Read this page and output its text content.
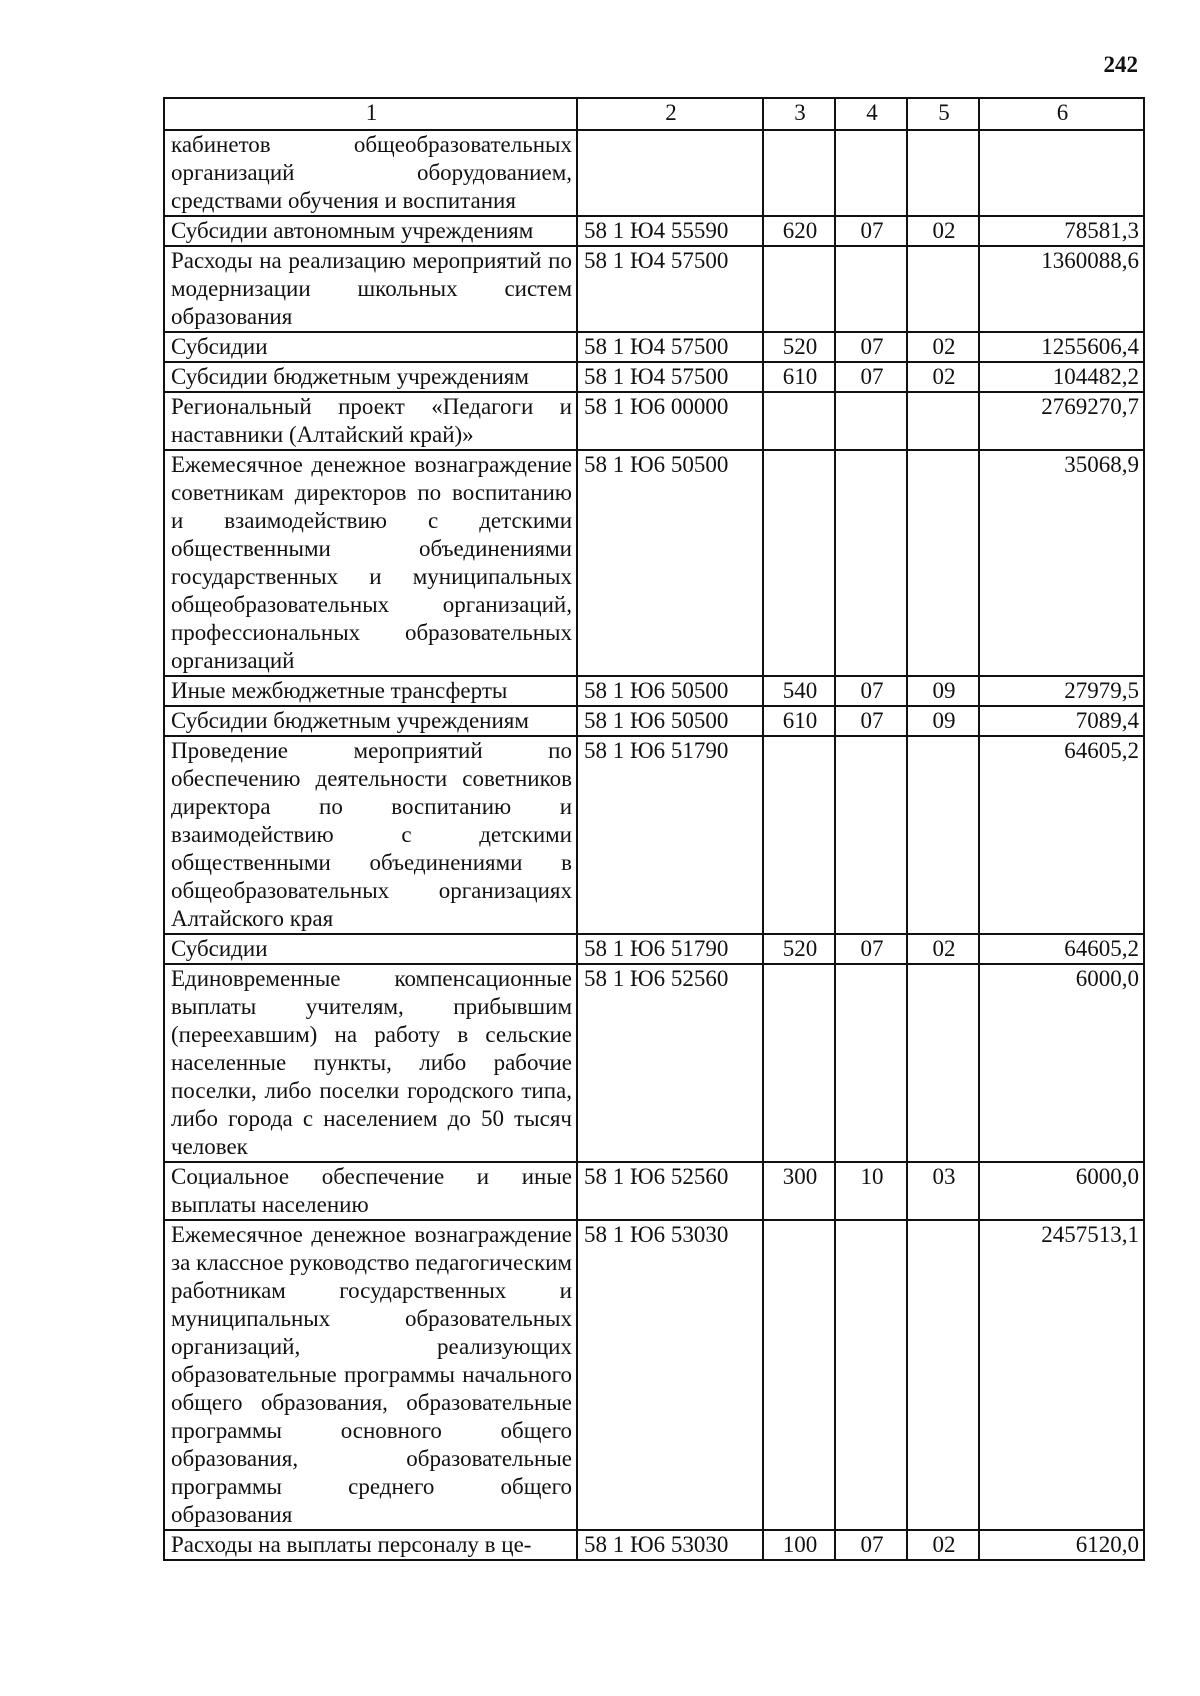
242
1	2	3	4	5	6
кабинетов общеобразовательных организаций оборудованием, средствами обучения и воспитания					
Субсидии автономным учреждениям	58 1 Ю4 55590	620	07	02	78581,3
Расходы на реализацию мероприятий по модернизации школьных систем образования	58 1 Ю4 57500				1360088,6
Субсидии	58 1 Ю4 57500	520	07	02	1255606,4
Субсидии бюджетным учреждениям	58 1 Ю4 57500	610	07	02	104482,2
Региональный проект «Педагоги и наставники (Алтайский край)»	58 1 Ю6 00000				2769270,7
Ежемесячное денежное вознаграждение советникам директоров по воспитанию и взаимодействию с детскими общественными объединениями государственных и муниципальных общеобразовательных организаций, профессиональных образовательных организаций	58 1 Ю6 50500				35068,9
Иные межбюджетные трансферты	58 1 Ю6 50500	540	07	09	27979,5
Субсидии бюджетным учреждениям	58 1 Ю6 50500	610	07	09	7089,4
Проведение мероприятий по обеспечению деятельности советников директора по воспитанию и взаимодействию с детскими общественными объединениями в общеобразовательных организациях Алтайского края	58 1 Ю6 51790				64605,2
Субсидии	58 1 Ю6 51790	520	07	02	64605,2
Единовременные компенсационные выплаты учителям, прибывшим (переехавшим) на работу в сельские населенные пункты, либо рабочие поселки, либо поселки городского типа, либо города с населением до 50 тысяч человек	58 1 Ю6 52560				6000,0
Социальное обеспечение и иные выплаты населению	58 1 Ю6 52560	300	10	03	6000,0
Ежемесячное денежное вознаграждение за классное руководство педагогическим работникам государственных и муниципальных образовательных организаций, реализующих образовательные программы начального общего образования, образовательные программы основного общего образования, образовательные программы среднего общего образования	58 1 Ю6 53030				2457513,1
Расходы на выплаты персоналу в це-	58 1 Ю6 53030	100	07	02	6120,0
